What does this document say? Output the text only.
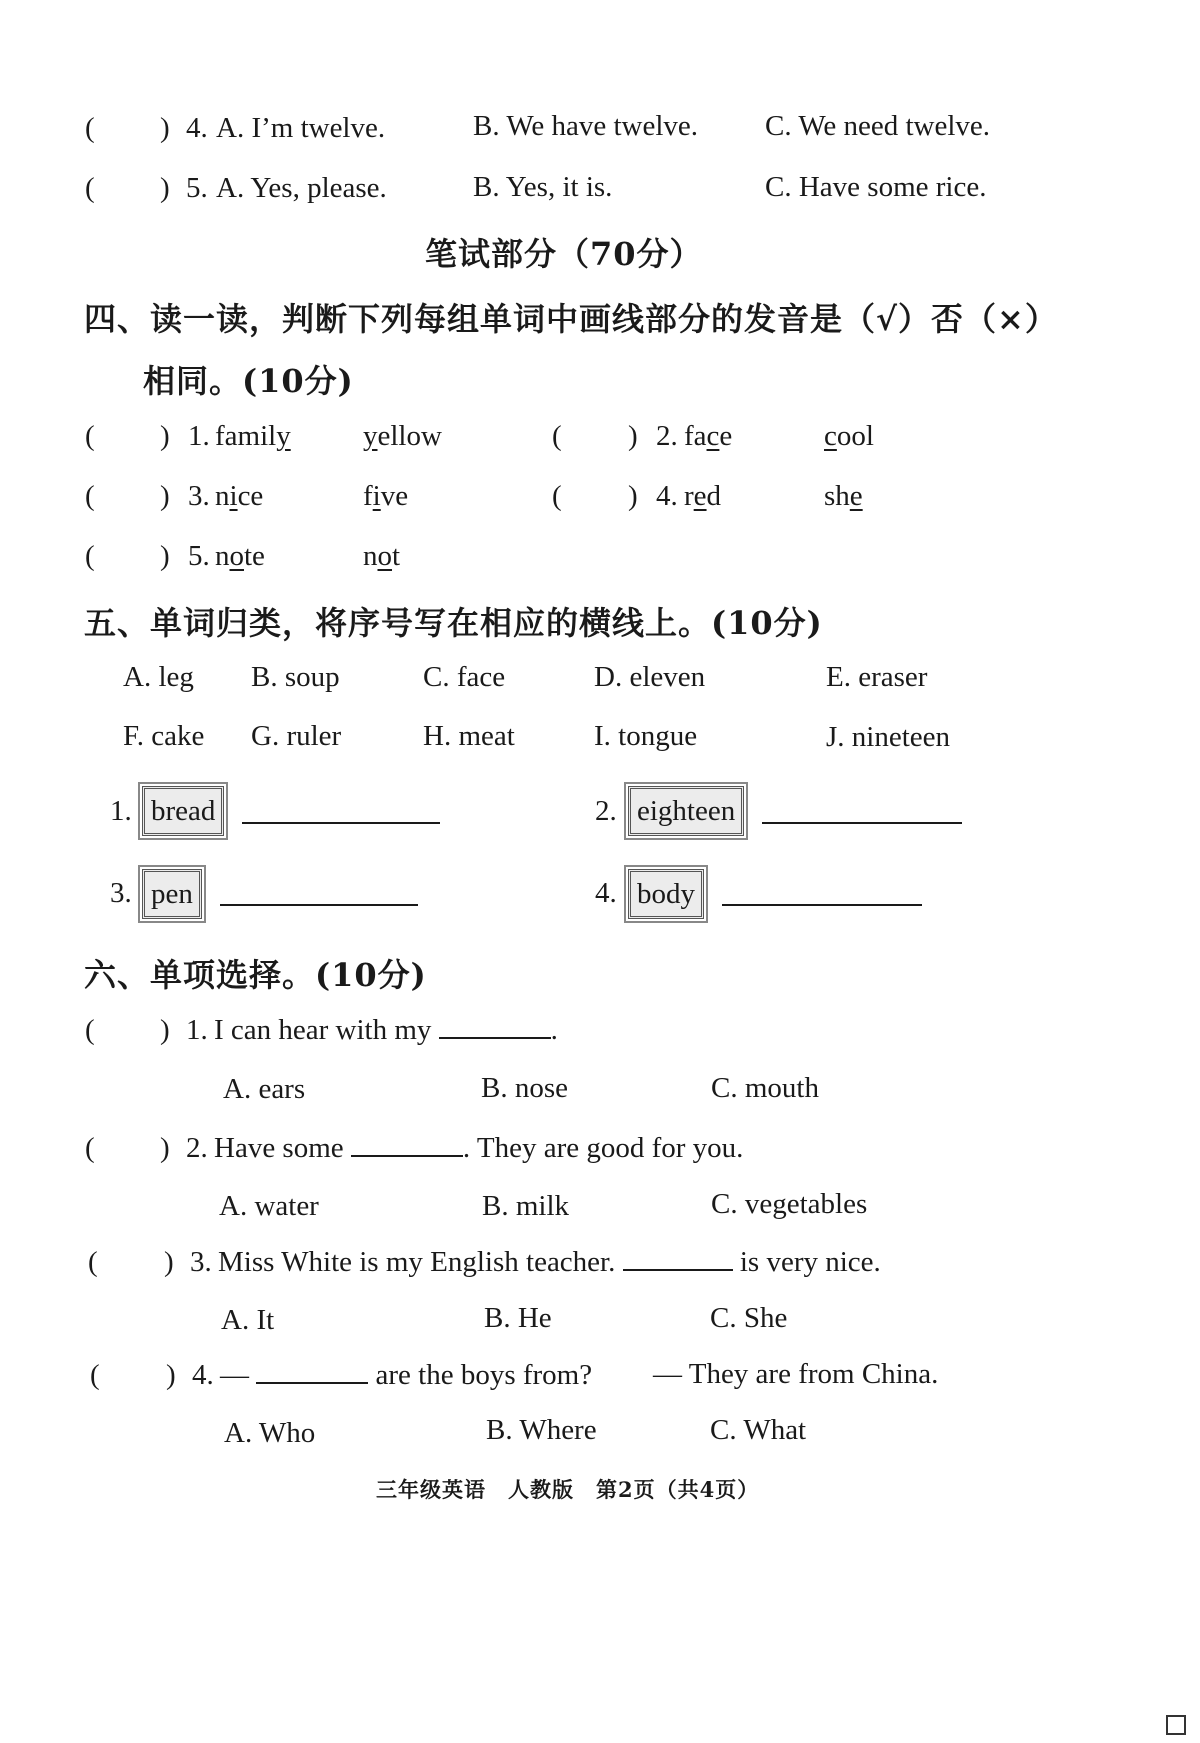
( ) 4. A. I’m twelve.	B. We have twelve. C. We need twelve.
( ) 5. A. Yes, please.	B. Yes, it is.	C. Have some rice.
笔试部分（70分）
四、读一读，判断下列每组单词中画线部分的发音是（√）否（×）
相同。(10分)
( ) 1. family yellow	( ) 2. face	cool
( ) 3. nice	five	( ) 4. red	she
( ) 5. note	not
五、单词归类，将序号写在相应的横线上。(10分)
A. leg B. soup	C. face	D. eleven	E. eraser
F. cake G. ruler	H. meat	I. tongue	J. nineteen
1. bread	2. eighteen
3. pen	4. body
六、单项选择。(10分)
( ) 1. I can hear with my	.
A. ears	B. nose	C. mouth
( ) 2. Have some	. They are good for you.
A. water	B. milk	C. vegetables
( ) 3. Miss White is my English teacher.	is very nice.
A. It	B. He	C. She
( ) 4. —	are the boys from? — They are from China.
A. Who	B. Where	C. What
三年级英语　人教版　第2页（共4页）
